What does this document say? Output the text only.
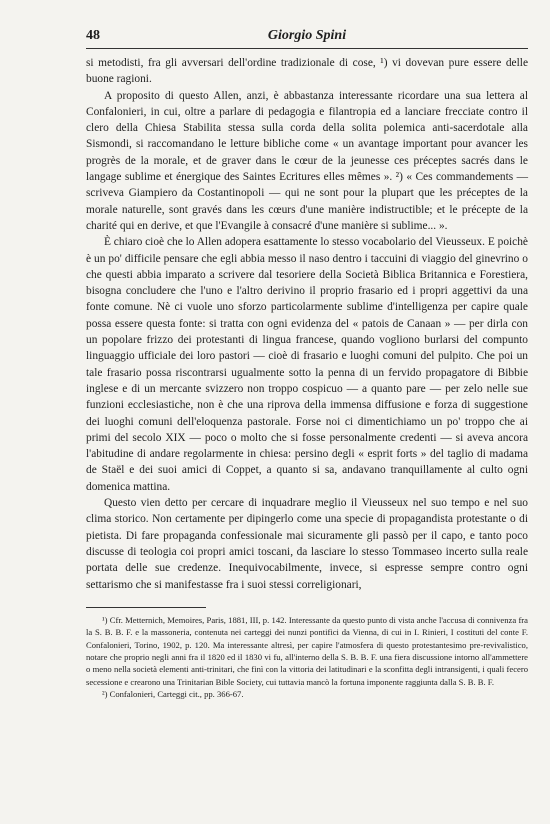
48	Giorgio Spini

si metodisti, fra gli avversari dell'ordine tradizionale di cose, ¹) vi dovevan pure essere delle buone ragioni.

A proposito di questo Allen, anzi, è abbastanza interessante ricordare una sua lettera al Confalonieri, in cui, oltre a parlare di pedagogia e filantropia ed a lanciare frecciate contro il clero della Chiesa Stabilita stessa sulla corda della solita polemica anti-sacerdotale alla Sismondi, si raccomandano le letture bibliche come « un avantage important pour avancer les progrès de la morale, et de graver dans le cœur de la jeunesse ces préceptes sacrés dans le langage sublime et énergique des Saintes Ecritures elles mêmes ». ²) « Ces commandements — scriveva Giampiero da Costantinopoli — qui ne sont pour la plupart que les préceptes de la morale naturelle, sont gravés dans les cœurs d'une manière indistructible; et le précepte de la charité qui en derive, et que l'Evangile à consacré d'une manière si sublime... ».

È chiaro cioè che lo Allen adopera esattamente lo stesso vocabolario del Vieusseux. E poichè è un po' difficile pensare che egli abbia messo il naso dentro i taccuini di viaggio del ginevrino o che questi abbia imparato a scrivere dal tesoriere della Società Biblica Britannica e Forestiera, bisogna concludere che l'uno e l'altro derivino il proprio frasario ed i propri aggettivi da una fonte comune. Nè ci vuole uno sforzo particolarmente sublime d'intelligenza per capire quale possa essere questa fonte: si tratta con ogni evidenza del « patois de Canaan » — per dirla con un popolare frizzo dei protestanti di lingua francese, quando vogliono burlarsi del compunto linguaggio ufficiale dei loro pastori — cioè di frasario e luoghi comuni del pulpito. Che poi un tale frasario possa riscontrarsi ugualmente sotto la penna di un fervido propagatore di Bibbie inglese e di un mercante svizzero non troppo cospicuo — a quanto pare — per zelo nelle sue funzioni ecclesiastiche, non è che una riprova della immensa diffusione e forza di suggestione dei luoghi comuni dell'eloquenza pastorale. Forse noi ci dimentichiamo un po' troppo che ai primi del secolo XIX — poco o molto che si fosse personalmente credenti — si aveva ancora l'abitudine di andare regolarmente in chiesa: persino degli « esprit forts » del taglio di madama de Staël e dei suoi amici di Coppet, a quanto si sa, andavano tranquillamente al culto ogni domenica mattina.

Questo vien detto per cercare di inquadrare meglio il Vieusseux nel suo tempo e nel suo clima storico. Non certamente per dipingerlo come una specie di propagandista protestante o di pietista. Di fare propaganda confessionale mai sicuramente gli passò per il capo, e tanto poco discusse di teologia coi propri amici toscani, da lasciare lo stesso Tommaseo incerto sulla reale portata delle sue credenze. Inequivocabilmente, invece, si espresse sempre contro ogni settarismo che si manifestasse fra i suoi stessi correligionari,

¹) Cfr. Metternich, Memoires, Paris, 1881, III, p. 142. Interessante da questo punto di vista anche l'accusa di connivenza fra la S. B. B. F. e la massoneria, contenuta nei carteggi dei nunzi pontifici da Vienna, di cui in I. Rinieri, I costituti del conte F. Confalonieri, Torino, 1902, p. 120. Ma interessante altresì, per capire l'atmosfera di questo protestantesimo pre-revivalistico, notare che proprio negli anni fra il 1820 ed il 1830 vi fu, all'interno della S. B. B. F. una fiera discussione intorno all'ammettere o meno nella società elementi anti-trinitari, che finì con la vittoria dei latitudinari e la sconfitta degli intransigenti, i quali fecero secessione e crearono una Trinitarian Bible Society, cui tuttavia mancò la fortuna imponente raggiunta dalla S. B. B. F.

²) Confalonieri, Carteggi cit., pp. 366-67.
